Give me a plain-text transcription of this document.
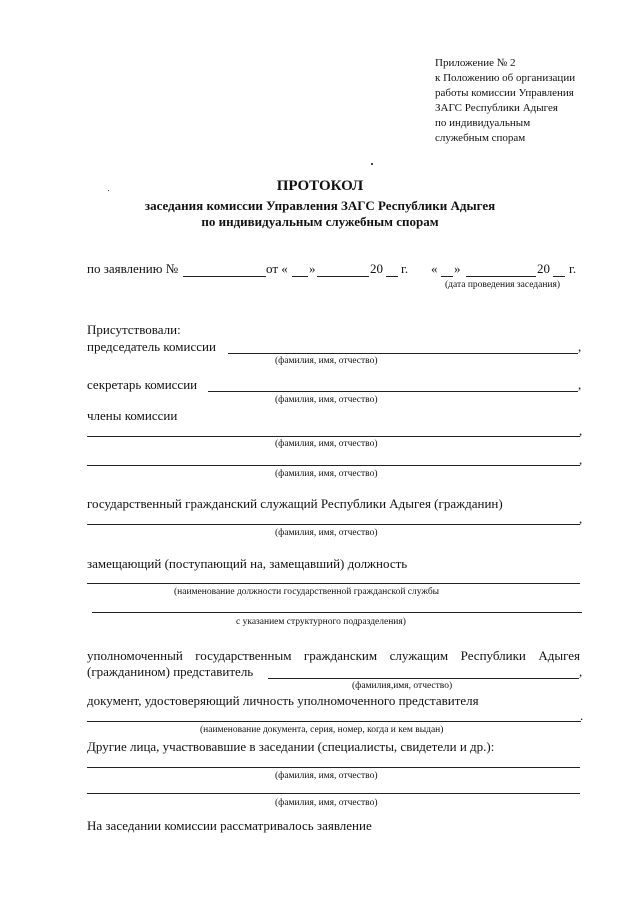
Приложение № 2
к Положению об организации
работы комиссии Управления
ЗАГС Республики Адыгея
по индивидуальным
служебным спорам
ПРОТОКОЛ
заседания комиссии Управления ЗАГС Республики Адыгея
по индивидуальным служебным спорам
по заявлению №	от « »	20 г. « »	20 г.
(дата проведения заседания)
Присутствовали:
председатель комиссии	,
(фамилия, имя, отчество)
секретарь комиссии	,
(фамилия, имя, отчество)
члены комиссии
,
(фамилия, имя, отчество)
,
(фамилия, имя, отчество)
государственный гражданский служащий Республики Адыгея (гражданин)
,
(фамилия, имя, отчество)
замещающий (поступающий на, замещавший) должность
(наименование должности государственной гражданской службы
с указанием структурного подразделения)
уполномоченный государственным гражданским служащим Республики Адыгея
(гражданином) представитель	,
(фамилия,имя, отчество)
документ, удостоверяющий личность уполномоченного представителя
.
(наименование документа, серия, номер, когда и кем выдан)
Другие лица, участвовавшие в заседании (специалисты, свидетели и др.):
(фамилия, имя, отчество)
(фамилия, имя, отчество)
На заседании комиссии рассматривалось заявление
